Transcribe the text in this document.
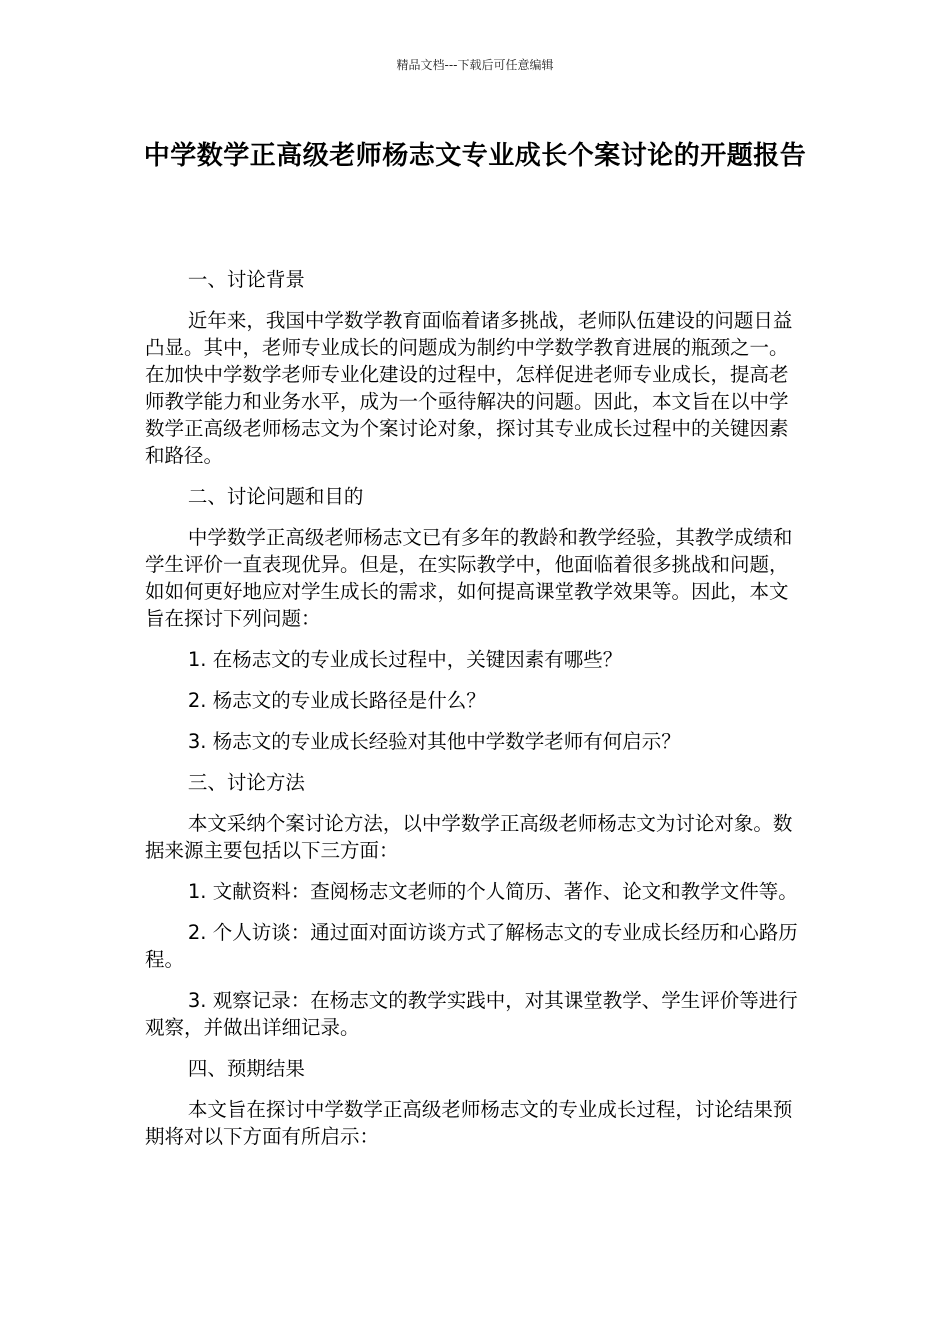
精品文档---下载后可任意编辑
中学数学正高级老师杨志文专业成长个案讨论的开题报告

一、讨论背景

近年来，我国中学数学教育面临着诸多挑战，老师队伍建设的问题日益凸显。其中，老师专业成长的问题成为制约中学数学教育进展的瓶颈之一。在加快中学数学老师专业化建设的过程中，怎样促进老师专业成长，提高老师教学能力和业务水平，成为一个亟待解决的问题。因此，本文旨在以中学数学正高级老师杨志文为个案讨论对象，探讨其专业成长过程中的关键因素和路径。

二、讨论问题和目的

中学数学正高级老师杨志文已有多年的教龄和教学经验，其教学成绩和学生评价一直表现优异。但是，在实际教学中，他面临着很多挑战和问题，如如何更好地应对学生成长的需求，如何提高课堂教学效果等。因此，本文旨在探讨下列问题：

1. 在杨志文的专业成长过程中，关键因素有哪些？

2. 杨志文的专业成长路径是什么？

3. 杨志文的专业成长经验对其他中学数学老师有何启示？

三、讨论方法

本文采纳个案讨论方法，以中学数学正高级老师杨志文为讨论对象。数据来源主要包括以下三方面：

1. 文献资料：查阅杨志文老师的个人简历、著作、论文和教学文件等。

2. 个人访谈：通过面对面访谈方式了解杨志文的专业成长经历和心路历程。

3. 观察记录：在杨志文的教学实践中，对其课堂教学、学生评价等进行观察，并做出详细记录。

四、预期结果

本文旨在探讨中学数学正高级老师杨志文的专业成长过程，讨论结果预期将对以下方面有所启示：
